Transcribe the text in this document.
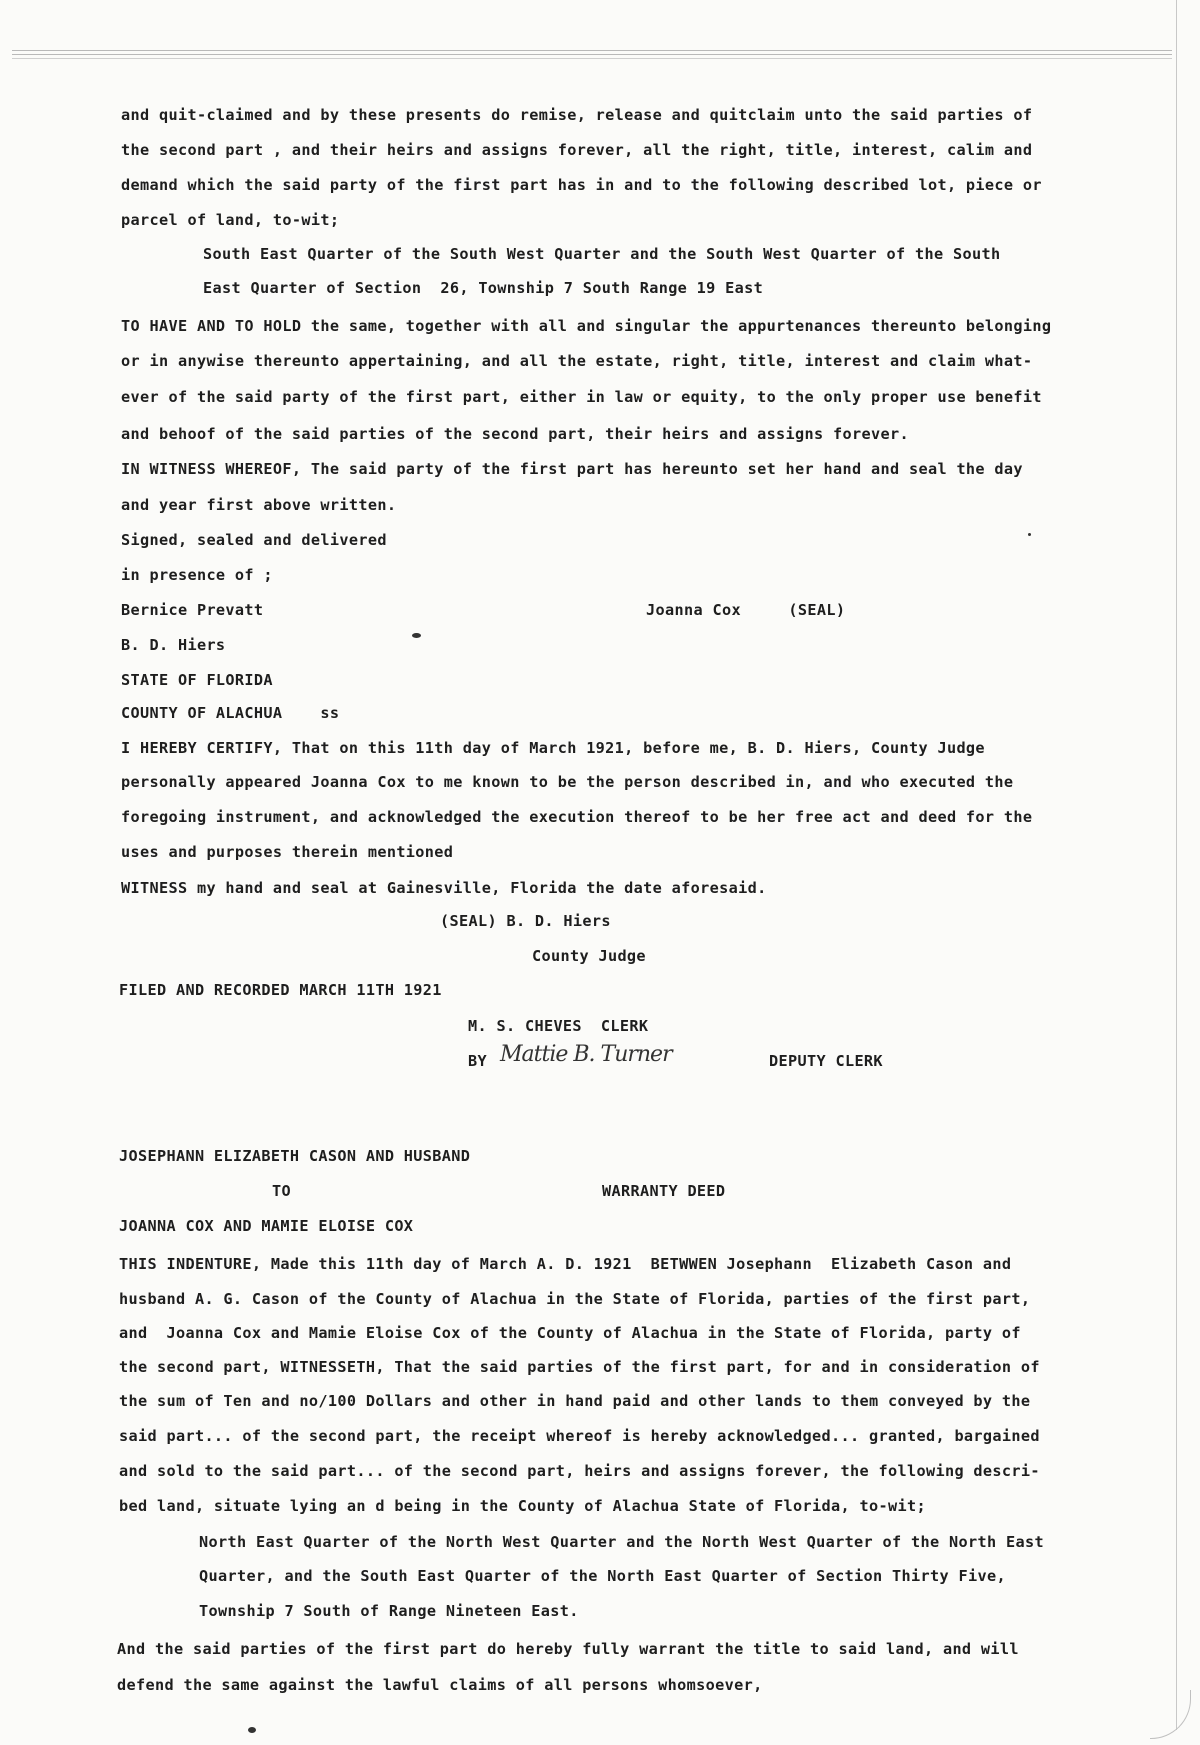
and quit-claimed and by these presents do remise, release and quitclaim unto the said parties of
the second part , and their heirs and assigns forever, all the right, title, interest, calim and
demand which the said party of the first part has in and to the following described lot, piece or
parcel of land, to-wit;
South East Quarter of the South West Quarter and the South West Quarter of the South
East Quarter of Section  26, Township 7 South Range 19 East
TO HAVE AND TO HOLD the same, together with all and singular the appurtenances thereunto belonging
or in anywise thereunto appertaining, and all the estate, right, title, interest and claim what-
ever of the said party of the first part, either in law or equity, to the only proper use benefit
and behoof of the said parties of the second part, their heirs and assigns forever.
IN WITNESS WHEREOF, The said party of the first part has hereunto set her hand and seal the day
and year first above written.
Signed, sealed and delivered
in presence of ;
Bernice Prevatt	Joanna Cox     (SEAL)
B. D. Hiers
STATE OF FLORIDA
COUNTY OF ALACHUA    ss
I HEREBY CERTIFY, That on this 11th day of March 1921, before me, B. D. Hiers, County Judge
personally appeared Joanna Cox to me known to be the person described in, and who executed the
foregoing instrument, and acknowledged the execution thereof to be her free act and deed for the
uses and purposes therein mentioned
WITNESS my hand and seal at Gainesville, Florida the date aforesaid.
(SEAL) B. D. Hiers
County Judge
FILED AND RECORDED MARCH 11TH 1921
M. S. CHEVES  CLERK
BY Mattie B. Turner	DEPUTY CLERK
JOSEPHANN ELIZABETH CASON AND HUSBAND
TO	WARRANTY DEED
JOANNA COX AND MAMIE ELOISE COX
THIS INDENTURE, Made this 11th day of March A. D. 1921  BETWWEN Josephann  Elizabeth Cason and
husband A. G. Cason of the County of Alachua in the State of Florida, parties of the first part,
and  Joanna Cox and Mamie Eloise Cox of the County of Alachua in the State of Florida, party of
the second part, WITNESSETH, That the said parties of the first part, for and in consideration of
the sum of Ten and no/100 Dollars and other in hand paid and other lands to them conveyed by the
said part... of the second part, the receipt whereof is hereby acknowledged... granted, bargained
and sold to the said part... of the second part, heirs and assigns forever, the following descri-
bed land, situate lying an d being in the County of Alachua State of Florida, to-wit;
North East Quarter of the North West Quarter and the North West Quarter of the North East
Quarter, and the South East Quarter of the North East Quarter of Section Thirty Five,
Township 7 South of Range Nineteen East.
And the said parties of the first part do hereby fully warrant the title to said land, and will
defend the same against the lawful claims of all persons whomsoever,
